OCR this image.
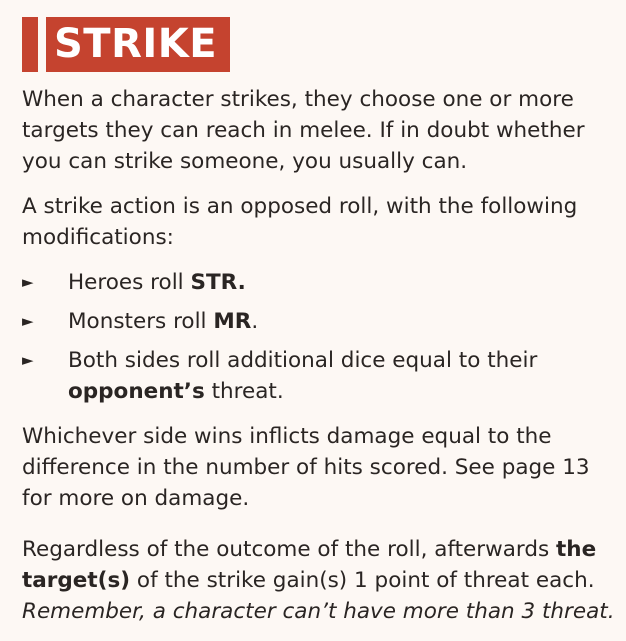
STRIKE

When a character strikes, they choose one or more targets they can reach in melee. If in doubt whether you can strike someone, you usually can.

A strike action is an opposed roll, with the following modifications:

►	Heroes roll STR.
►	Monsters roll MR.
►	Both sides roll additional dice equal to their opponent’s threat.

Whichever side wins inflicts damage equal to the difference in the number of hits scored. See page 13 for more on damage.

Regardless of the outcome of the roll, afterwards the target(s) of the strike gain(s) 1 point of threat each. Remember, a character can’t have more than 3 threat.
